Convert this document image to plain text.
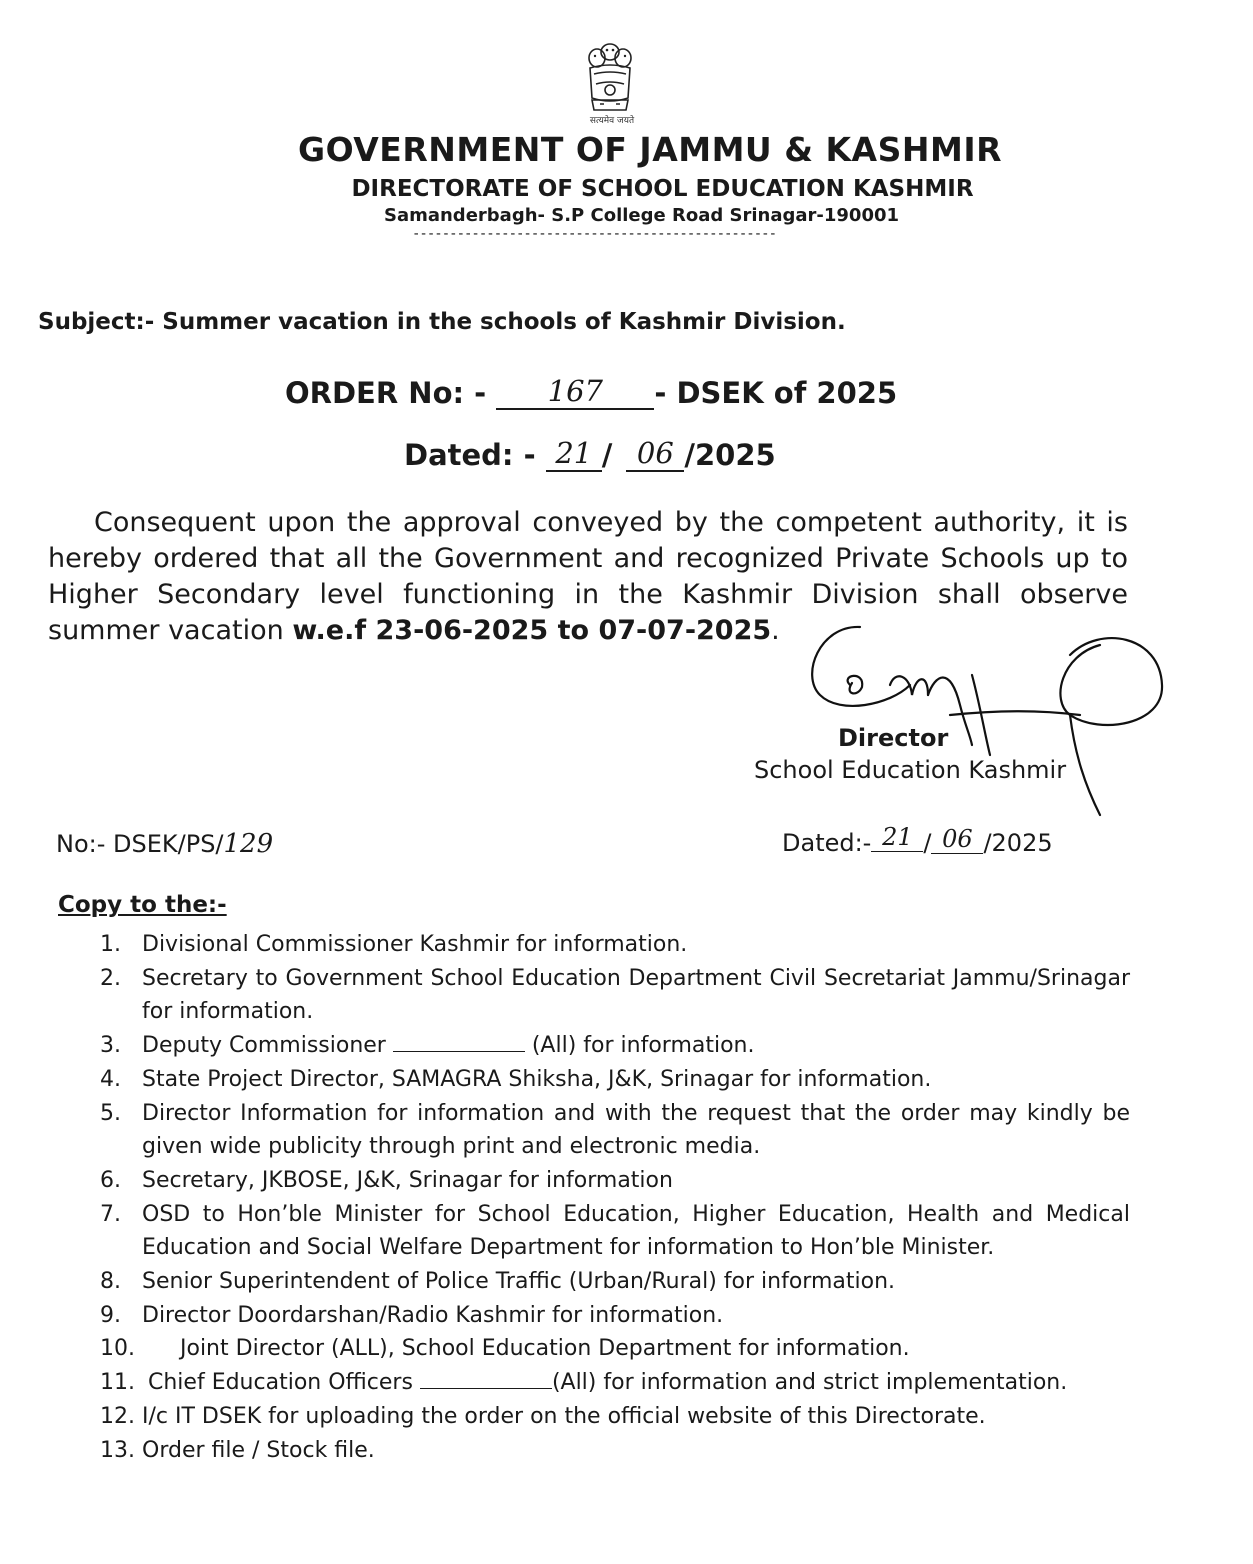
सत्यमेव जयते
GOVERNMENT OF JAMMU & KASHMIR
DIRECTORATE OF SCHOOL EDUCATION KASHMIR
Samanderbagh- S.P College Road Srinagar-190001
-------------------------------------------------
Subject:- Summer vacation in the schools of Kashmir Division.
ORDER No: - 167 - DSEK of 2025
Dated: - 21 / 06 /2025

Consequent upon the approval conveyed by the competent authority, it is hereby ordered that all the Government and recognized Private Schools up to Higher Secondary level functioning in the Kashmir Division shall observe summer vacation w.e.f 23-06-2025 to 07-07-2025.

Director
School Education Kashmir
No:- DSEK/PS/129	Dated:- 21 / 06 /2025
Copy to the:-
1. Divisional Commissioner Kashmir for information.
2. Secretary to Government School Education Department Civil Secretariat Jammu/Srinagar for information.
3. Deputy Commissioner	(All) for information.
4. State Project Director, SAMAGRA Shiksha, J&K, Srinagar for information.
5. Director Information for information and with the request that the order may kindly be given wide publicity through print and electronic media.
6. Secretary, JKBOSE, J&K, Srinagar for information
7. OSD to Hon’ble Minister for School Education, Higher Education, Health and Medical Education and Social Welfare Department for information to Hon’ble Minister.
8. Senior Superintendent of Police Traffic (Urban/Rural) for information.
9. Director Doordarshan/Radio Kashmir for information.
10.	Joint Director (ALL), School Education Department for information.
11. Chief Education Officers	(All) for information and strict implementation.
12. I/c IT DSEK for uploading the order on the official website of this Directorate.
13. Order file / Stock file.
